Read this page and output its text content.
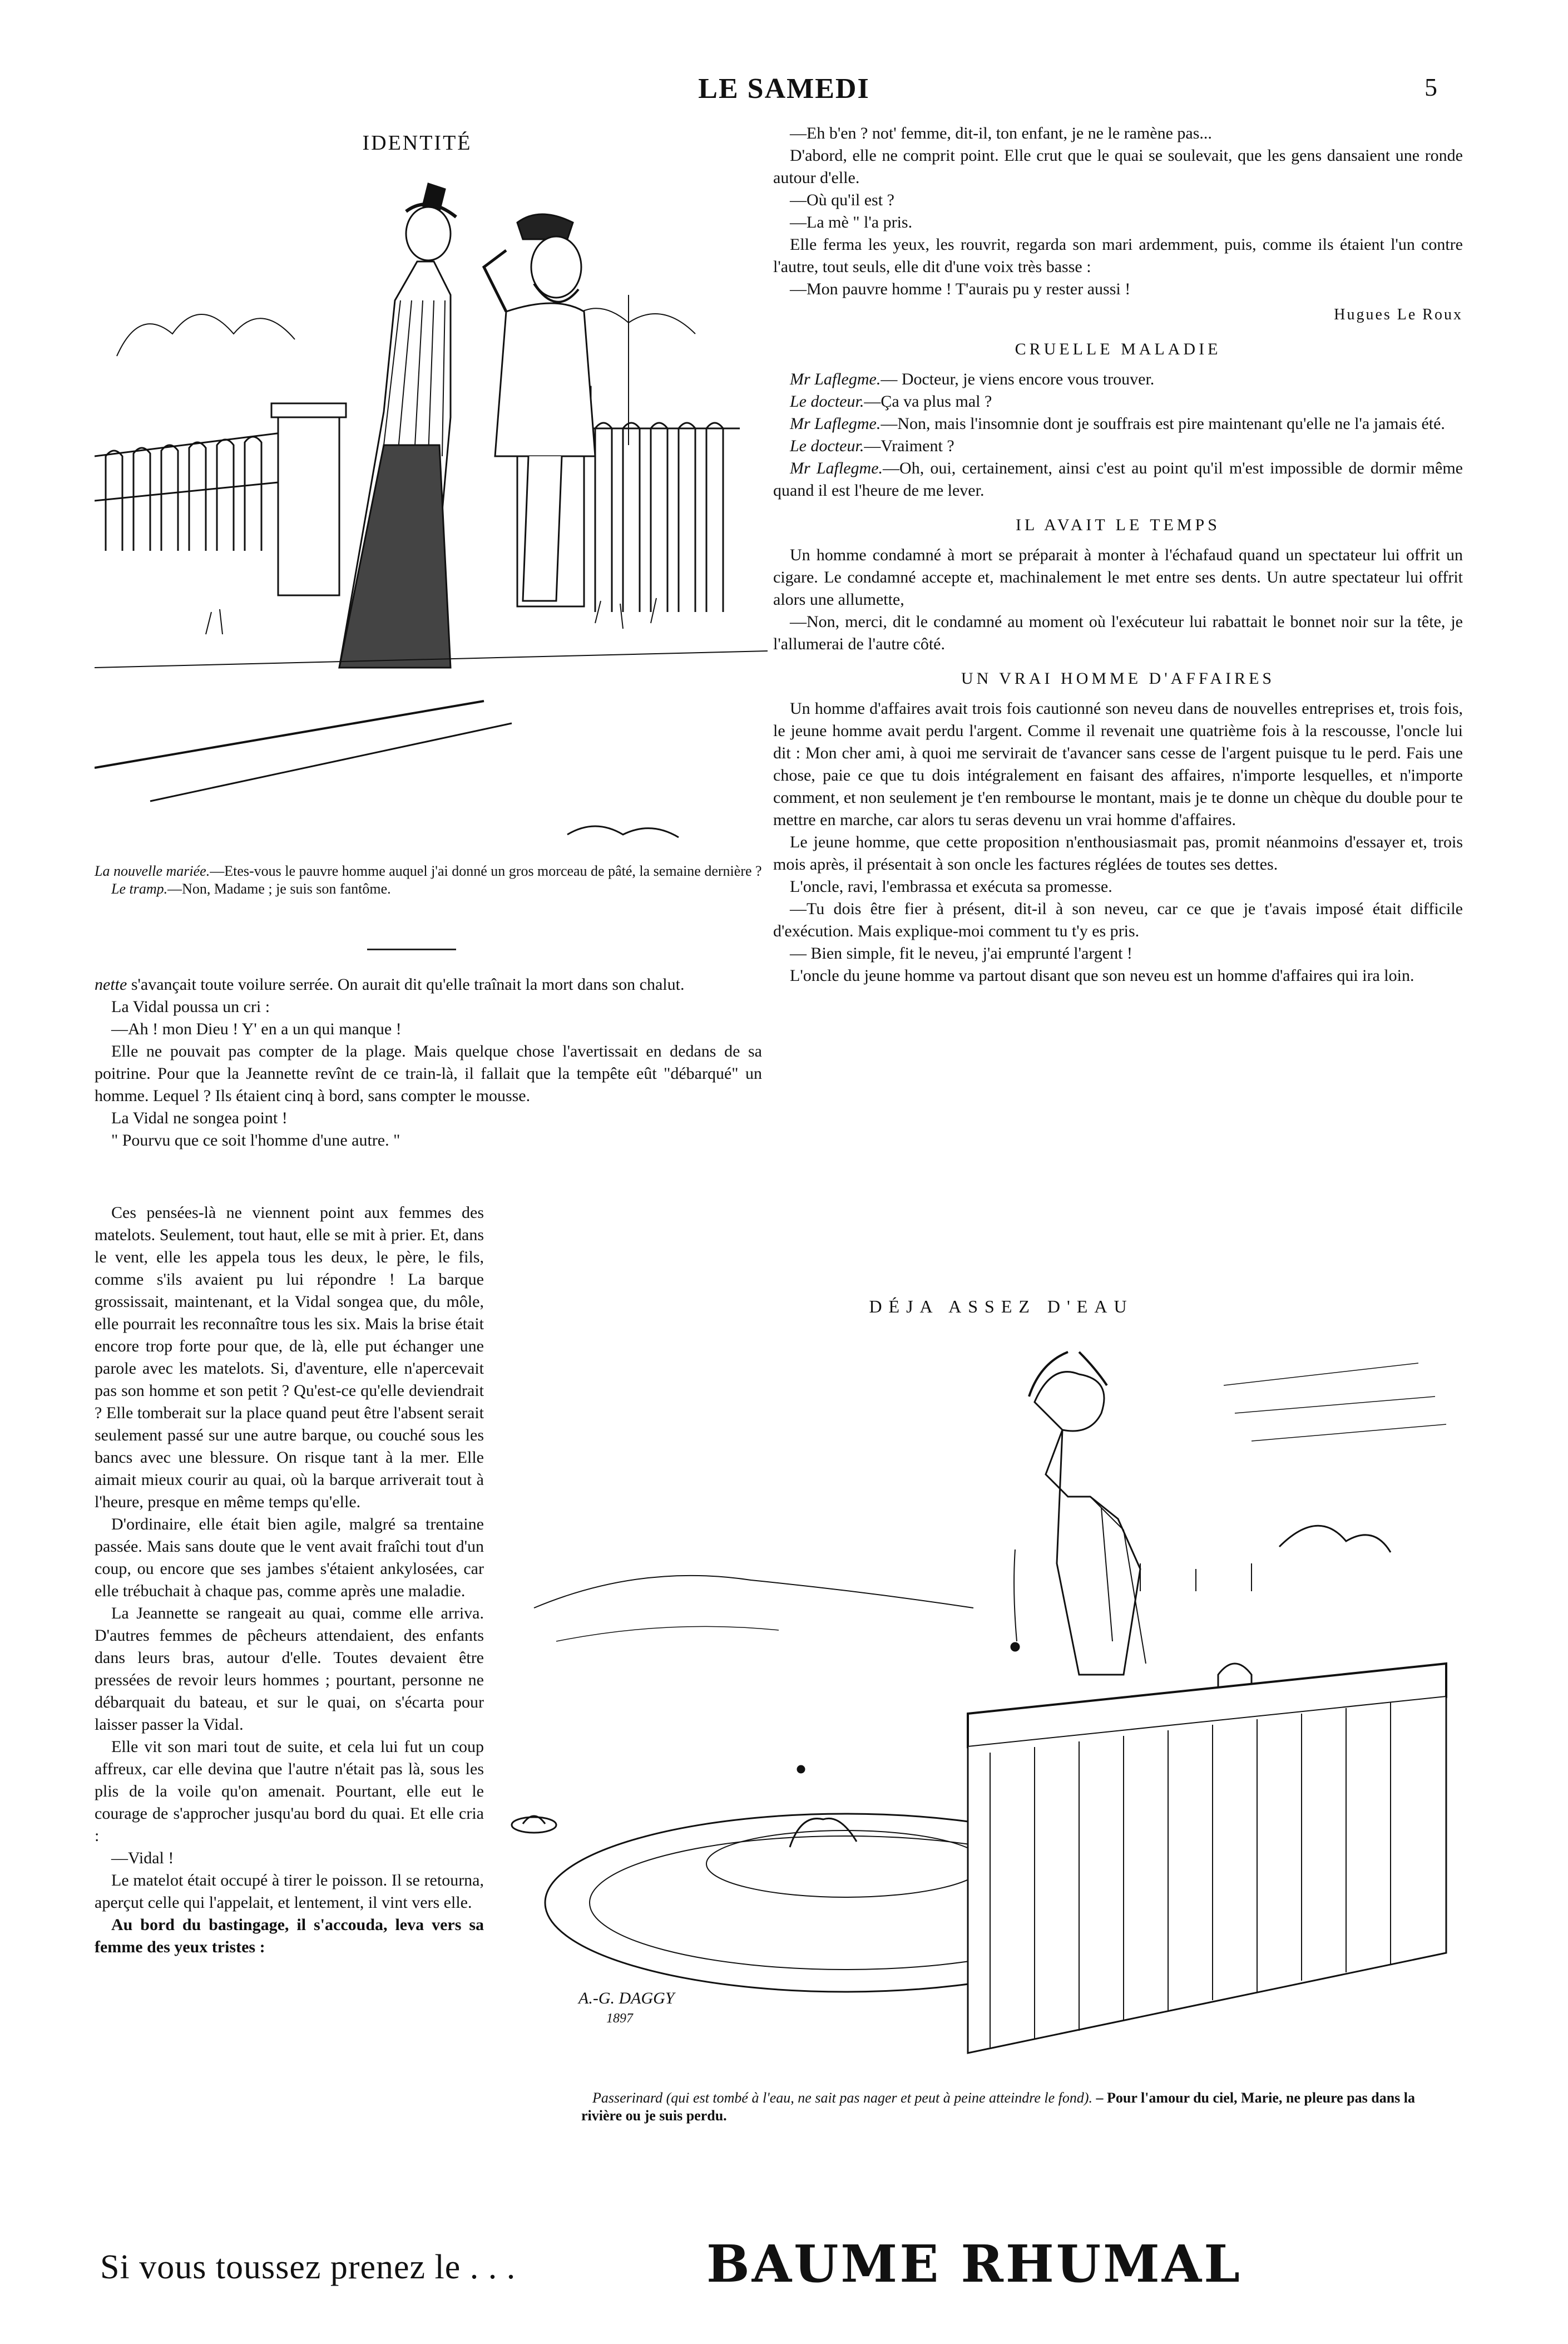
LE SAMEDI	5
IDENTITÉ
La nouvelle mariée.—Etes-vous le pauvre homme auquel j'ai donné un gros morceau de pâté, la semaine dernière ?
Le tramp.—Non, Madame ; je suis son fantôme.

nette s'avançait toute voilure serrée. On aurait dit qu'elle traînait la mort dans son chalut.

La Vidal poussa un cri :

—Ah ! mon Dieu ! Y' en a un qui manque !

Elle ne pouvait pas compter de la plage. Mais quelque chose l'avertissait en dedans de sa poitrine. Pour que la Jeannette revînt de ce train-là, il fallait que la tempête eût "débarqué" un homme. Lequel ? Ils étaient cinq à bord, sans compter le mousse.

La Vidal ne songea point !

" Pourvu que ce soit l'homme d'une autre. "

Ces pensées-là ne viennent point aux femmes des matelots. Seulement, tout haut, elle se mit à prier. Et, dans le vent, elle les appela tous les deux, le père, le fils, comme s'ils avaient pu lui répondre ! La barque grossissait, maintenant, et la Vidal songea que, du môle, elle pourrait les reconnaître tous les six. Mais la brise était encore trop forte pour que, de là, elle put échanger une parole avec les matelots. Si, d'aventure, elle n'apercevait pas son homme et son petit ? Qu'est-ce qu'elle deviendrait ? Elle tomberait sur la place quand peut être l'absent serait seulement passé sur une autre barque, ou couché sous les bancs avec une blessure. On risque tant à la mer. Elle aimait mieux courir au quai, où la barque arriverait tout à l'heure, presque en même temps qu'elle.

D'ordinaire, elle était bien agile, malgré sa trentaine passée. Mais sans doute que le vent avait fraîchi tout d'un coup, ou encore que ses jambes s'étaient ankylosées, car elle trébuchait à chaque pas, comme après une maladie.

La Jeannette se rangeait au quai, comme elle arriva. D'autres femmes de pêcheurs attendaient, des enfants dans leurs bras, autour d'elle. Toutes devaient être pressées de revoir leurs hommes ; pourtant, personne ne débarquait du bateau, et sur le quai, on s'écarta pour laisser passer la Vidal.

Elle vit son mari tout de suite, et cela lui fut un coup affreux, car elle devina que l'autre n'était pas là, sous les plis de la voile qu'on amenait. Pourtant, elle eut le courage de s'approcher jusqu'au bord du quai. Et elle cria :

—Vidal !

Le matelot était occupé à tirer le poisson. Il se retourna, aperçut celle qui l'appelait, et lentement, il vint vers elle.

Au bord du bastingage, il s'accouda, leva vers sa femme des yeux tristes :

—Eh b'en ? not' femme, dit-il, ton enfant, je ne le ramène pas...

D'abord, elle ne comprit point. Elle crut que le quai se soulevait, que les gens dansaient une ronde autour d'elle.

—Où qu'il est ?

—La mè " l'a pris.

Elle ferma les yeux, les rouvrit, regarda son mari ardemment, puis, comme ils étaient l'un contre l'autre, tout seuls, elle dit d'une voix très basse :

—Mon pauvre homme ! T'aurais pu y rester aussi !

Hugues Le Roux
CRUELLE MALADIE

Mr Laflegme.— Docteur, je viens encore vous trouver.

Le docteur.—Ça va plus mal ?

Mr Laflegme.—Non, mais l'insomnie dont je souffrais est pire maintenant qu'elle ne l'a jamais été.

Le docteur.—Vraiment ?

Mr Laflegme.—Oh, oui, certainement, ainsi c'est au point qu'il m'est impossible de dormir même quand il est l'heure de me lever.

IL AVAIT LE TEMPS

Un homme condamné à mort se préparait à monter à l'échafaud quand un spectateur lui offrit un cigare. Le condamné accepte et, machinalement le met entre ses dents. Un autre spectateur lui offrit alors une allumette,

—Non, merci, dit le condamné au moment où l'exécuteur lui rabattait le bonnet noir sur la tête, je l'allumerai de l'autre côté.

UN VRAI HOMME D'AFFAIRES

Un homme d'affaires avait trois fois cautionné son neveu dans de nouvelles entreprises et, trois fois, le jeune homme avait perdu l'argent. Comme il revenait une quatrième fois à la rescousse, l'oncle lui dit : Mon cher ami, à quoi me servirait de t'avancer sans cesse de l'argent puisque tu le perd. Fais une chose, paie ce que tu dois intégralement en faisant des affaires, n'importe lesquelles, et n'importe comment, et non seulement je t'en rembourse le montant, mais je te donne un chèque du double pour te mettre en marche, car alors tu seras devenu un vrai homme d'affaires.

Le jeune homme, que cette proposition n'enthousiasmait pas, promit néanmoins d'essayer et, trois mois après, il présentait à son oncle les factures réglées de toutes ses dettes.

L'oncle, ravi, l'embrassa et exécuta sa promesse.

—Tu dois être fier à présent, dit-il à son neveu, car ce que je t'avais imposé était difficile d'exécution. Mais explique-moi comment tu t'y es pris.

— Bien simple, fit le neveu, j'ai emprunté l'argent !

L'oncle du jeune homme va partout disant que son neveu est un homme d'affaires qui ira loin.

DÉJA ASSEZ D'EAU
A.-G. DAGGY
1897
Passerinard (qui est tombé à l'eau, ne sait pas nager et peut à peine atteindre le fond). – Pour l'amour du ciel, Marie, ne pleure pas dans la rivière ou je suis perdu.
Si vous toussez prenez le . . .	BAUME RHUMAL
